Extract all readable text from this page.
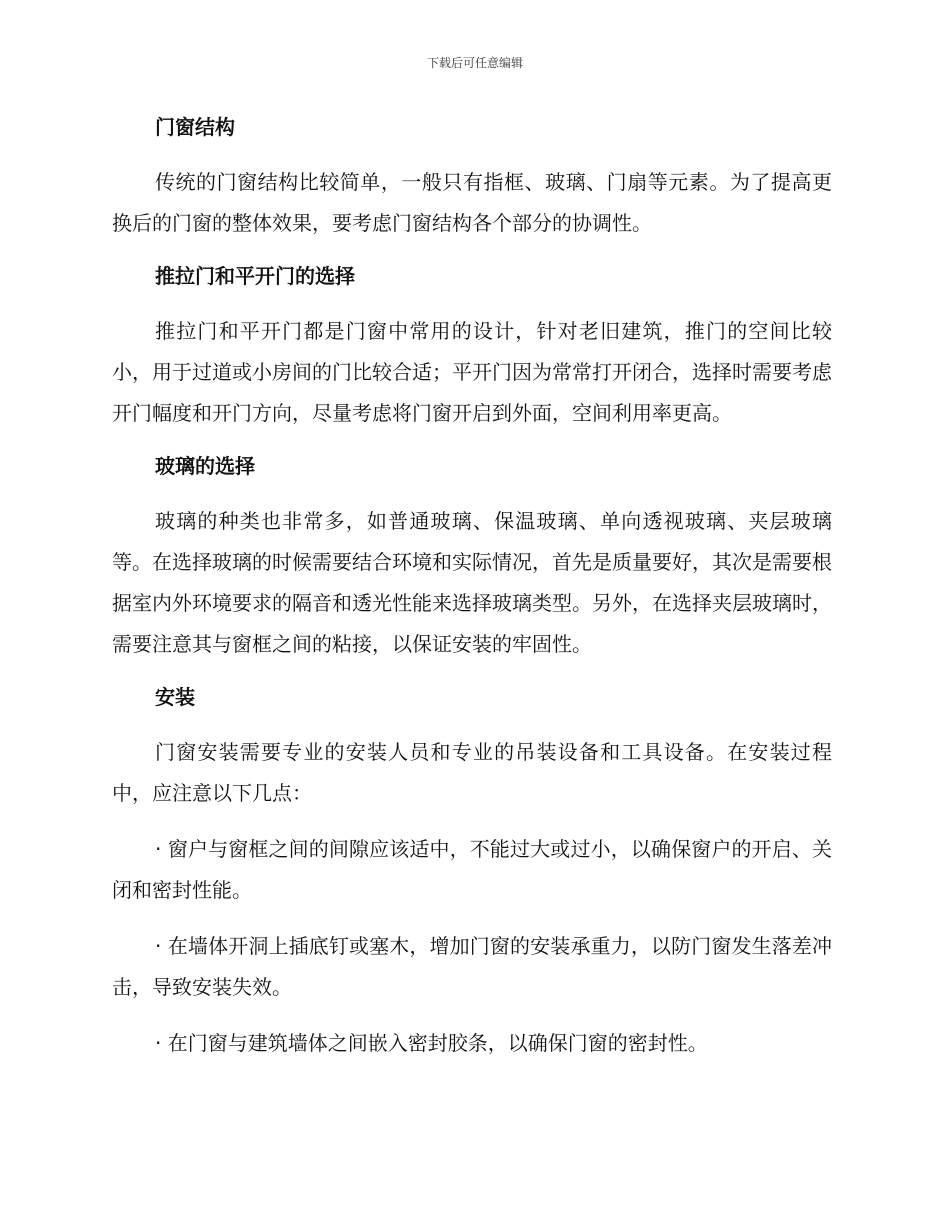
下载后可任意编辑
门窗结构
传统的门窗结构比较简单，一般只有指框、玻璃、门扇等元素。为了提高更换后的门窗的整体效果，要考虑门窗结构各个部分的协调性。
推拉门和平开门的选择
推拉门和平开门都是门窗中常用的设计，针对老旧建筑，推门的空间比较小，用于过道或小房间的门比较合适；平开门因为常常打开闭合，选择时需要考虑开门幅度和开门方向，尽量考虑将门窗开启到外面，空间利用率更高。
玻璃的选择
玻璃的种类也非常多，如普通玻璃、保温玻璃、单向透视玻璃、夹层玻璃等。在选择玻璃的时候需要结合环境和实际情况，首先是质量要好，其次是需要根据室内外环境要求的隔音和透光性能来选择玻璃类型。另外，在选择夹层玻璃时，需要注意其与窗框之间的粘接，以保证安装的牢固性。
安装
门窗安装需要专业的安装人员和专业的吊装设备和工具设备。在安装过程中，应注意以下几点：
· 窗户与窗框之间的间隙应该适中，不能过大或过小，以确保窗户的开启、关闭和密封性能。
· 在墙体开洞上插底钉或塞木，增加门窗的安装承重力，以防门窗发生落差冲击，导致安装失效。
· 在门窗与建筑墙体之间嵌入密封胶条，以确保门窗的密封性。
